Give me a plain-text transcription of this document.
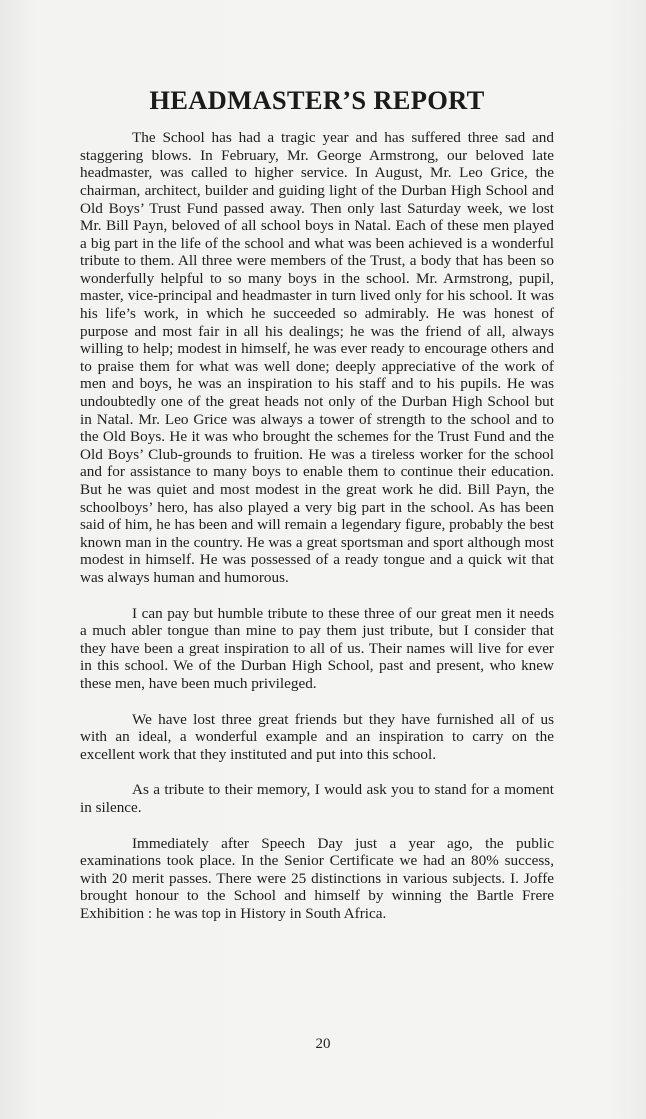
HEADMASTER’S REPORT

The School has had a tragic year and has suffered three sad and staggering blows. In February, Mr. George Armstrong, our beloved late headmaster, was called to higher service. In August, Mr. Leo Grice, the chairman, architect, builder and guiding light of the Durban High School and Old Boys’ Trust Fund passed away. Then only last Saturday week, we lost Mr. Bill Payn, beloved of all school boys in Natal. Each of these men played a big part in the life of the school and what was been achieved is a wonderful tribute to them. All three were members of the Trust, a body that has been so wonderfully helpful to so many boys in the school. Mr. Armstrong, pupil, master, vice-principal and headmaster in turn lived only for his school. It was his life’s work, in which he succeeded so admirably. He was honest of purpose and most fair in all his dealings; he was the friend of all, always willing to help; modest in himself, he was ever ready to encourage others and to praise them for what was well done; deeply appreciative of the work of men and boys, he was an inspiration to his staff and to his pupils. He was undoubtedly one of the great heads not only of the Durban High School but in Natal. Mr. Leo Grice was always a tower of strength to the school and to the Old Boys. He it was who brought the schemes for the Trust Fund and the Old Boys’ Club-grounds to fruition. He was a tireless worker for the school and for assistance to many boys to enable them to continue their education. But he was quiet and most modest in the great work he did. Bill Payn, the schoolboys’ hero, has also played a very big part in the school. As has been said of him, he has been and will remain a legendary figure, probably the best known man in the country. He was a great sportsman and sport although most modest in himself. He was possessed of a ready tongue and a quick wit that was always human and humorous.

I can pay but humble tribute to these three of our great men it needs a much abler tongue than mine to pay them just tribute, but I consider that they have been a great inspiration to all of us. Their names will live for ever in this school. We of the Durban High School, past and present, who knew these men, have been much privileged.

We have lost three great friends but they have furnished all of us with an ideal, a wonderful example and an inspiration to carry on the excellent work that they instituted and put into this school.

As a tribute to their memory, I would ask you to stand for a moment in silence.

Immediately after Speech Day just a year ago, the public examinations took place. In the Senior Certificate we had an 80% success, with 20 merit passes. There were 25 distinctions in various subjects. I. Joffe brought honour to the School and himself by winning the Bartle Frere Exhibition : he was top in History in South Africa.

20
